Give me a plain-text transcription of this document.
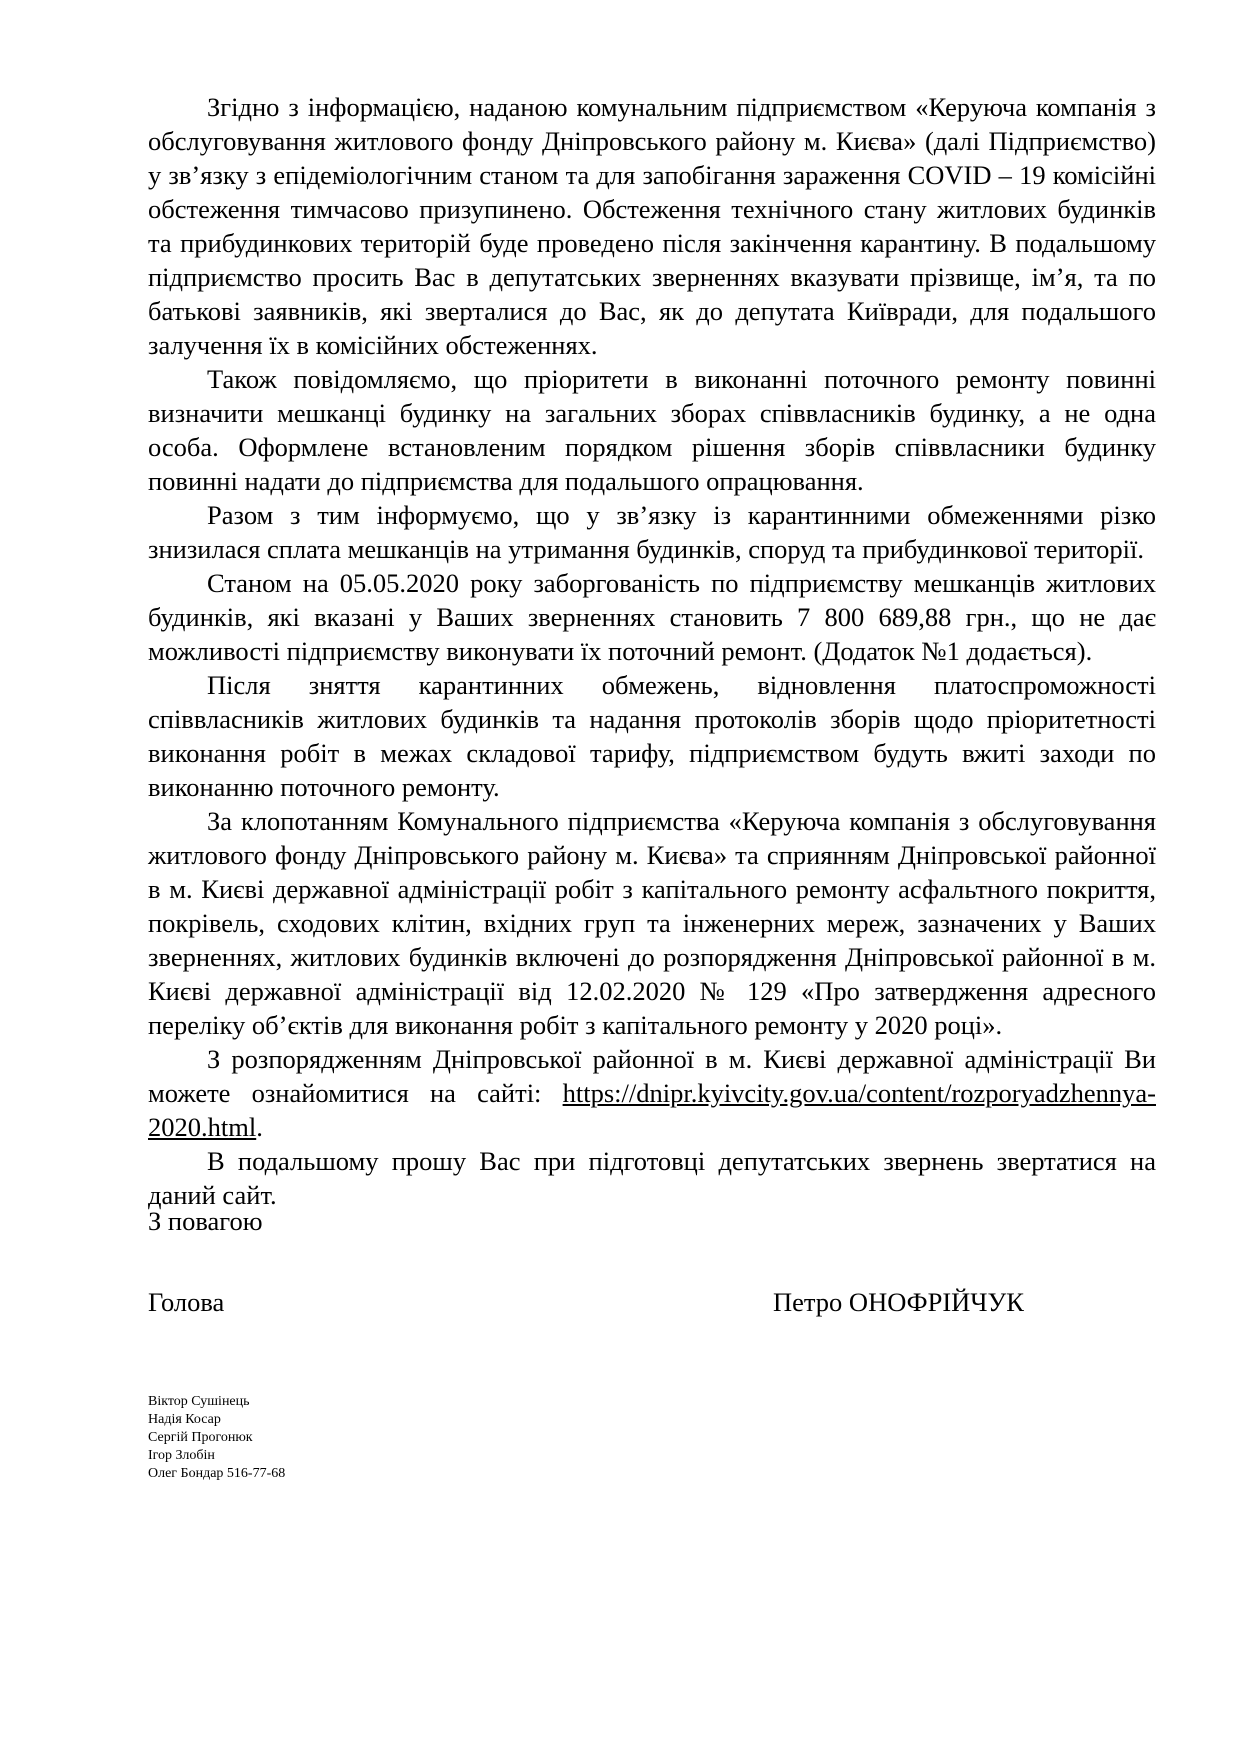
Згідно з інформацією, наданою комунальним підприємством «Керуюча компанія з обслуговування житлового фонду Дніпровського району м. Києва» (далі Підприємство) у зв’язку з епідеміологічним станом та для запобігання зараження COVID – 19 комісійні обстеження тимчасово призупинено. Обстеження технічного стану житлових будинків та прибудинкових територій буде проведено після закінчення карантину. В подальшому підприємство просить Вас в депутатських зверненнях вказувати прізвище, ім’я, та по батькові заявників, які зверталися до Вас, як до депутата Київради, для подальшого залучення їх в комісійних обстеженнях.

Також повідомляємо, що пріоритети в виконанні поточного ремонту повинні визначити мешканці будинку на загальних зборах співвласників будинку, а не одна особа. Оформлене встановленим порядком рішення зборів співвласники будинку повинні надати до підприємства для подальшого опрацювання.

Разом з тим інформуємо, що у зв’язку із карантинними обмеженнями різко знизилася сплата мешканців на утримання будинків, споруд та прибудинкової території.

Станом на 05.05.2020 року заборгованість по підприємству мешканців житлових будинків, які вказані у Ваших зверненнях становить 7 800 689,88 грн., що не дає можливості підприємству виконувати їх поточний ремонт. (Додаток №1 додається).

Після зняття карантинних обмежень, відновлення платоспроможності співвласників житлових будинків та надання протоколів зборів щодо пріоритетності виконання робіт в межах складової тарифу, підприємством будуть вжиті заходи по виконанню поточного ремонту.

За клопотанням Комунального підприємства «Керуюча компанія з обслуговування житлового фонду Дніпровського району м. Києва» та сприянням Дніпровської районної в м. Києві державної адміністрації робіт з капітального ремонту асфальтного покриття, покрівель, сходових клітин, вхідних груп та інженерних мереж, зазначених у Ваших зверненнях, житлових будинків включені до розпорядження Дніпровської районної в м. Києві державної адміністрації від 12.02.2020 № 129 «Про затвердження адресного переліку об’єктів для виконання робіт з капітального ремонту у 2020 році».

З розпорядженням Дніпровської районної в м. Києві державної адміністрації Ви можете ознайомитися на сайті: https://dnipr.kyivcity.gov.ua/content/rozporyadzhennya-2020.html.

В подальшому прошу Вас при підготовці депутатських звернень звертатися на даний сайт.

З повагою
Голова	Петро ОНОФРІЙЧУК
Віктор Сушінець
Надія Косар
Сергій Прогонюк
Ігор Злобін
Олег Бондар 516-77-68
